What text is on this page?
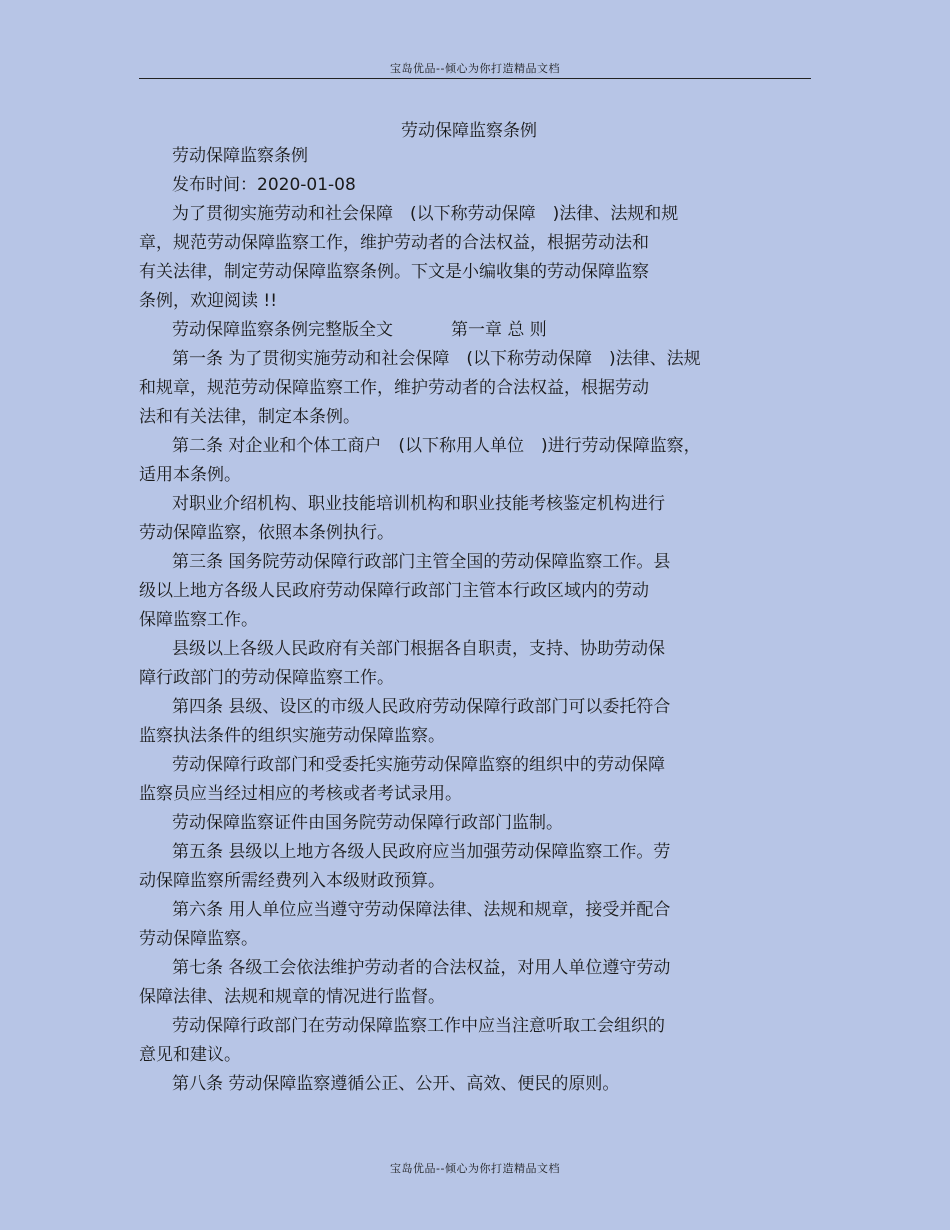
宝岛优品--倾心为你打造精品文档
劳动保障监察条例

劳动保障监察条例

发布时间：2020-01-08

为了贯彻实施劳动和社会保障　(以下称劳动保障　)法律、法规和规

章，规范劳动保障监察工作，维护劳动者的合法权益，根据劳动法和

有关法律，制定劳动保障监察条例。下文是小编收集的劳动保障监察

条例，欢迎阅读 !!

劳动保障监察条例完整版全文	第一章 总 则

第一条 为了贯彻实施劳动和社会保障　(以下称劳动保障　)法律、法规

和规章，规范劳动保障监察工作，维护劳动者的合法权益，根据劳动

法和有关法律，制定本条例。

第二条 对企业和个体工商户　(以下称用人单位　)进行劳动保障监察，

适用本条例。

对职业介绍机构、职业技能培训机构和职业技能考核鉴定机构进行

劳动保障监察，依照本条例执行。

第三条 国务院劳动保障行政部门主管全国的劳动保障监察工作。县

级以上地方各级人民政府劳动保障行政部门主管本行政区域内的劳动

保障监察工作。

县级以上各级人民政府有关部门根据各自职责，支持、协助劳动保

障行政部门的劳动保障监察工作。

第四条 县级、设区的市级人民政府劳动保障行政部门可以委托符合

监察执法条件的组织实施劳动保障监察。

劳动保障行政部门和受委托实施劳动保障监察的组织中的劳动保障

监察员应当经过相应的考核或者考试录用。

劳动保障监察证件由国务院劳动保障行政部门监制。

第五条 县级以上地方各级人民政府应当加强劳动保障监察工作。劳

动保障监察所需经费列入本级财政预算。

第六条 用人单位应当遵守劳动保障法律、法规和规章，接受并配合

劳动保障监察。

第七条 各级工会依法维护劳动者的合法权益，对用人单位遵守劳动

保障法律、法规和规章的情况进行监督。

劳动保障行政部门在劳动保障监察工作中应当注意听取工会组织的

意见和建议。

第八条 劳动保障监察遵循公正、公开、高效、便民的原则。

宝岛优品--倾心为你打造精品文档
